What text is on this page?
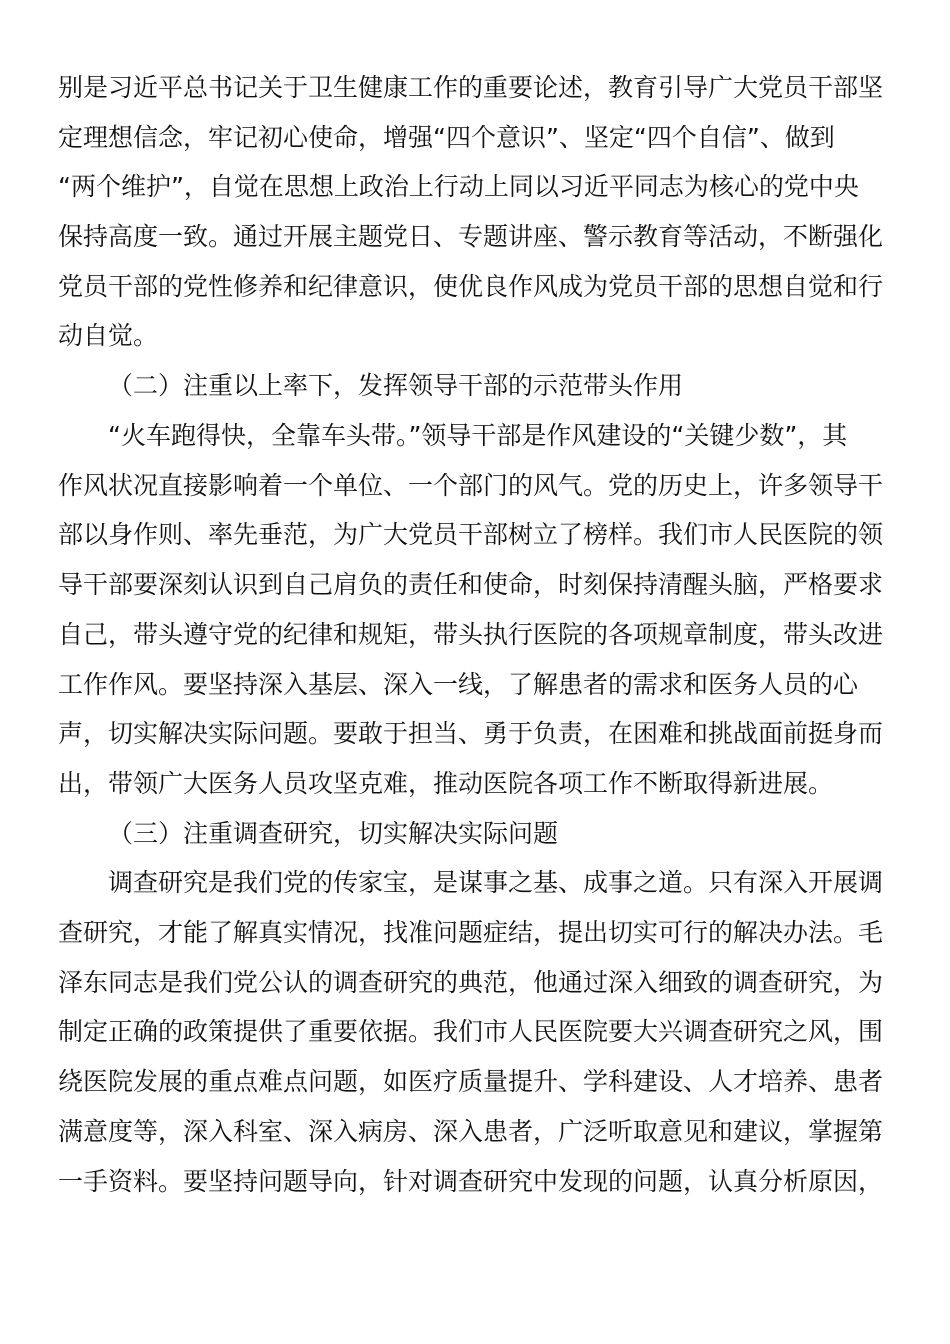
别是习近平总书记关于卫生健康工作的重要论述，教育引导广大党员干部坚
定理想信念，牢记初心使命，增强“四个意识”、坚定“四个自信”、做到
“两个维护”，自觉在思想上政治上行动上同以习近平同志为核心的党中央
保持高度一致。通过开展主题党日、专题讲座、警示教育等活动，不断强化
党员干部的党性修养和纪律意识，使优良作风成为党员干部的思想自觉和行
动自觉。
（二）注重以上率下，发挥领导干部的示范带头作用
“火车跑得快，全靠车头带。”领导干部是作风建设的“关键少数”，其
作风状况直接影响着一个单位、一个部门的风气。党的历史上，许多领导干
部以身作则、率先垂范，为广大党员干部树立了榜样。我们市人民医院的领
导干部要深刻认识到自己肩负的责任和使命，时刻保持清醒头脑，严格要求
自己，带头遵守党的纪律和规矩，带头执行医院的各项规章制度，带头改进
工作作风。要坚持深入基层、深入一线，了解患者的需求和医务人员的心
声，切实解决实际问题。要敢于担当、勇于负责，在困难和挑战面前挺身而
出，带领广大医务人员攻坚克难，推动医院各项工作不断取得新进展。
（三）注重调查研究，切实解决实际问题
调查研究是我们党的传家宝，是谋事之基、成事之道。只有深入开展调
查研究，才能了解真实情况，找准问题症结，提出切实可行的解决办法。毛
泽东同志是我们党公认的调查研究的典范，他通过深入细致的调查研究，为
制定正确的政策提供了重要依据。我们市人民医院要大兴调查研究之风，围
绕医院发展的重点难点问题，如医疗质量提升、学科建设、人才培养、患者
满意度等，深入科室、深入病房、深入患者，广泛听取意见和建议，掌握第
一手资料。要坚持问题导向，针对调查研究中发现的问题，认真分析原因，
